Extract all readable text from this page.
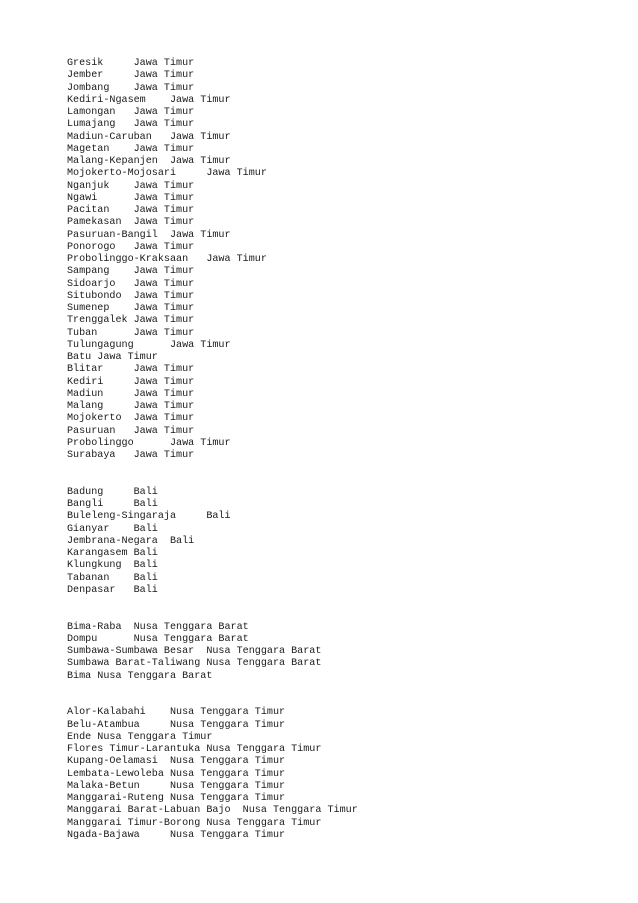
Gresik     Jawa Timur
Jember     Jawa Timur
Jombang    Jawa Timur
Kediri-Ngasem    Jawa Timur
Lamongan   Jawa Timur
Lumajang   Jawa Timur
Madiun-Caruban   Jawa Timur
Magetan    Jawa Timur
Malang-Kepanjen  Jawa Timur
Mojokerto-Mojosari     Jawa Timur
Nganjuk    Jawa Timur
Ngawi      Jawa Timur
Pacitan    Jawa Timur
Pamekasan  Jawa Timur
Pasuruan-Bangil  Jawa Timur
Ponorogo   Jawa Timur
Probolinggo-Kraksaan   Jawa Timur
Sampang    Jawa Timur
Sidoarjo   Jawa Timur
Situbondo  Jawa Timur
Sumenep    Jawa Timur
Trenggalek Jawa Timur
Tuban      Jawa Timur
Tulungagung      Jawa Timur
Batu Jawa Timur
Blitar     Jawa Timur
Kediri     Jawa Timur
Madiun     Jawa Timur
Malang     Jawa Timur
Mojokerto  Jawa Timur
Pasuruan   Jawa Timur
Probolinggo      Jawa Timur
Surabaya   Jawa Timur
Badung     Bali
Bangli     Bali
Buleleng-Singaraja     Bali
Gianyar    Bali
Jembrana-Negara  Bali
Karangasem Bali
Klungkung  Bali
Tabanan    Bali
Denpasar   Bali
Bima-Raba  Nusa Tenggara Barat
Dompu      Nusa Tenggara Barat
Sumbawa-Sumbawa Besar  Nusa Tenggara Barat
Sumbawa Barat-Taliwang Nusa Tenggara Barat
Bima Nusa Tenggara Barat
Alor-Kalabahi    Nusa Tenggara Timur
Belu-Atambua     Nusa Tenggara Timur
Ende Nusa Tenggara Timur
Flores Timur-Larantuka Nusa Tenggara Timur
Kupang-Oelamasi  Nusa Tenggara Timur
Lembata-Lewoleba Nusa Tenggara Timur
Malaka-Betun     Nusa Tenggara Timur
Manggarai-Ruteng Nusa Tenggara Timur
Manggarai Barat-Labuan Bajo  Nusa Tenggara Timur
Manggarai Timur-Borong Nusa Tenggara Timur
Ngada-Bajawa     Nusa Tenggara Timur
